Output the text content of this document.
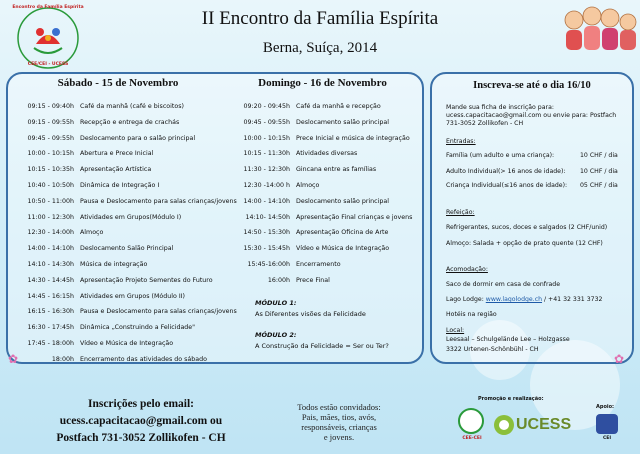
Encontro da Família Espírita
CEE/CEI - UCESS
II Encontro da Família Espírita
Berna, Suíça, 2014
Sábado - 15 de Novembro	Domingo - 16 de Novembro
09:15 - 09:40h Café da manhã (café e biscoitos)
09:15 - 09:55h Recepção e entrega de crachás
09:45 - 09:55h Deslocamento para o salão principal
10:00 - 10:15h Abertura e Prece Inicial
10:15 - 10:35h Apresentação Artística
10:40 - 10:50h Dinâmica de Integração I
10:50 - 11:00h Pausa e Deslocamento para salas crianças/jovens
11:00 - 12:30h Atividades em Grupos(Módulo I)
12:30 - 14:00h Almoço
14:00 - 14:10h Deslocamento Salão Principal
14:10 - 14:30h Música de integração
14:30 - 14:45h Apresentação Projeto Sementes do Futuro
14:45 - 16:15h Atividades em Grupos (Módulo II)
16:15 - 16:30h Pausa e Deslocamento para salas crianças/jovens
16:30 - 17:45h Dinâmica „Construindo a Felicidade"
17:45 - 18:00h Vídeo e Música de Integração
18:00h Encerramento das atividades do sábado
09:20 - 09:45h Café da manhã e recepção
09:45 - 09:55h Deslocamento salão principal
10:00 - 10:15h Prece Inicial e música de integração
10:15 - 11:30h Atividades diversas
11:30 - 12:30h Gincana entre as famílias
12:30 -14:00 h Almoço
14:00 - 14:10h Deslocamento salão principal
14:10- 14:50h Apresentação Final crianças e jovens
14:50 - 15:30h Apresentação Oficina de Arte
15:30 - 15:45h Vídeo e Música de Integração
15:45-16:00h Encerramento
16:00h Prece Final
MÓDULO 1:
As Diferentes visões da Felicidade
MÓDULO 2:
A Construção da Felicidade = Ser ou Ter?
Inscreva-se até o dia 16/10
Mande sua ficha de inscrição para:
ucess.capacitacao@gmail.com ou envie para: Postfach
731-3052 Zollikofen - CH
Entradas:
Família (um adulto e uma criança):	10 CHF / dia
Adulto Individual(> 16 anos de idade): 10 CHF / dia
Criança Individual(≤16 anos de idade): 05 CHF / dia
Refeição:
Refrigerantes, sucos, doces e salgados (2 CHF/unid)
Almoço: Salada + opção de prato quente (12 CHF)
Acomodação:
Saco de dormir em casa de confrade
Lago Lodge: www.lagolodge.ch / +41 32 331 3732
Hotéis na região
Local:
Leesaal – Schulgelände Lee – Holzgasse
3322 Urtenen-Schönbühl - CH
✿	✿
Inscrições pelo email:
ucess.capacitacao@gmail.com ou
Postfach 731-3052 Zollikofen - CH
Todos estão convidados:
Pais, mães, tios, avós,
responsáveis, crianças
e jovens.
Promoção e realização:
Apoio:
CEE-CEI
UCESS
CEI
